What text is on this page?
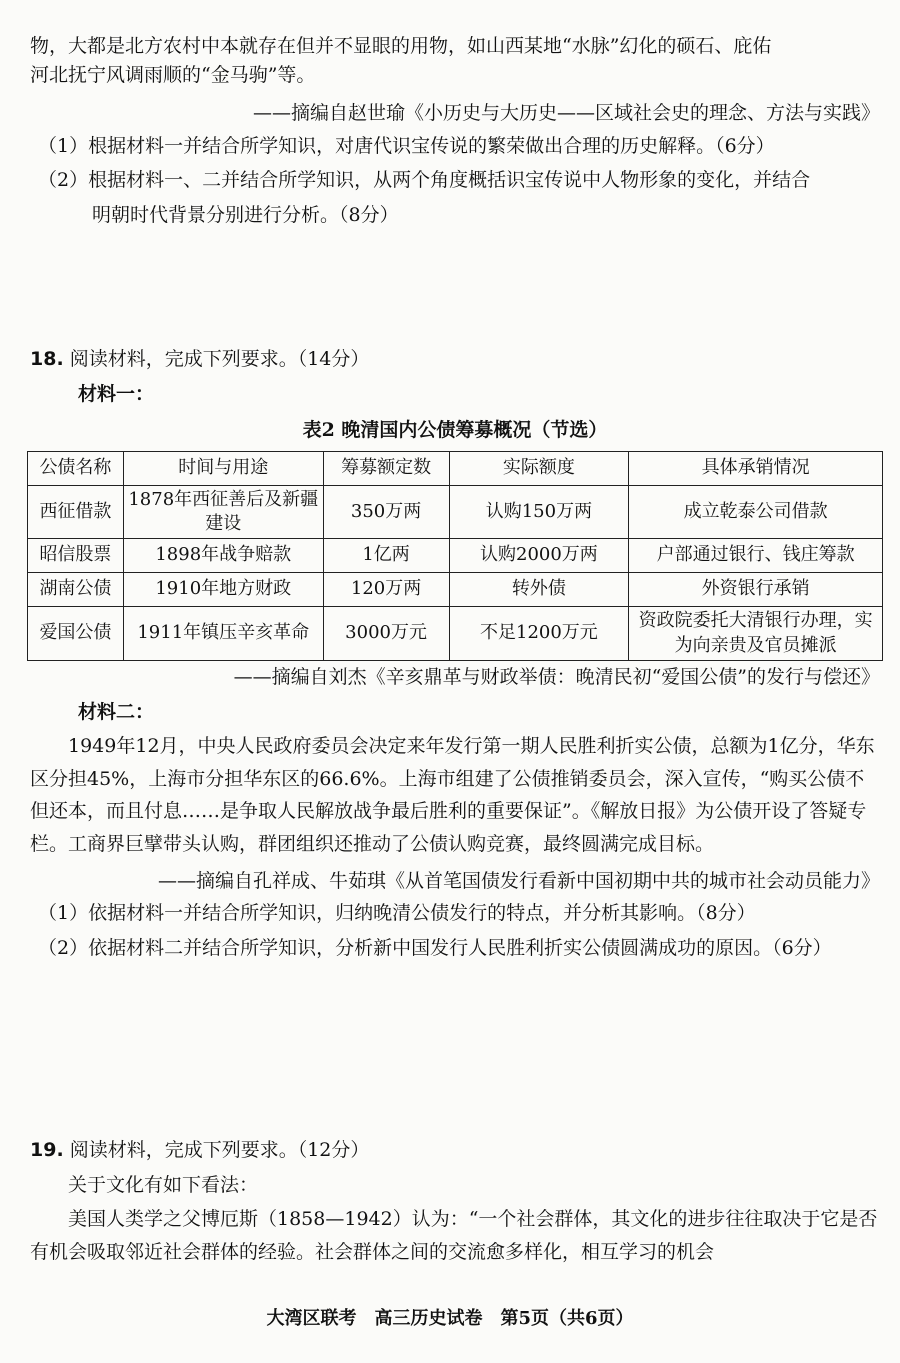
物，大都是北方农村中本就存在但并不显眼的用物，如山西某地“水脉”幻化的硕石、庇佑

河北抚宁风调雨顺的“金马驹”等。

——摘编自赵世瑜《小历史与大历史——区域社会史的理念、方法与实践》

（1）根据材料一并结合所学知识，对唐代识宝传说的繁荣做出合理的历史解释。（6分）

（2）根据材料一、二并结合所学知识，从两个角度概括识宝传说中人物形象的变化，并结合

明朝时代背景分别进行分析。（8分）

18. 阅读材料，完成下列要求。（14分）

材料一：

表2 晚清国内公债筹募概况（节选）

公债名称	时间与用途	筹募额定数	实际额度	具体承销情况
西征借款	1878年西征善后及新疆建设	350万两	认购150万两	成立乾泰公司借款
昭信股票	1898年战争赔款	1亿两	认购2000万两	户部通过银行、钱庄筹款
湖南公债	1910年地方财政	120万两	转外债	外资银行承销
爱国公债	1911年镇压辛亥革命	3000万元	不足1200万元	资政院委托大清银行办理，实为向亲贵及官员摊派

——摘编自刘杰《辛亥鼎革与财政举债：晚清民初“爱国公债”的发行与偿还》

材料二：

1949年12月，中央人民政府委员会决定来年发行第一期人民胜利折实公债，总额为1亿分，华东区分担45%，上海市分担华东区的66.6%。上海市组建了公债推销委员会，深入宣传，“购买公债不但还本，而且付息……是争取人民解放战争最后胜利的重要保证”。《解放日报》为公债开设了答疑专栏。工商界巨擘带头认购，群团组织还推动了公债认购竞赛，最终圆满完成目标。

——摘编自孔祥成、牛茹琪《从首笔国债发行看新中国初期中共的城市社会动员能力》

（1）依据材料一并结合所学知识，归纳晚清公债发行的特点，并分析其影响。（8分）

（2）依据材料二并结合所学知识，分析新中国发行人民胜利折实公债圆满成功的原因。（6分）

19. 阅读材料，完成下列要求。（12分）

关于文化有如下看法：

美国人类学之父博厄斯（1858—1942）认为：“一个社会群体，其文化的进步往往取决于它是否有机会吸取邻近社会群体的经验。社会群体之间的交流愈多样化，相互学习的机会

大湾区联考　高三历史试卷　第5页（共6页）
